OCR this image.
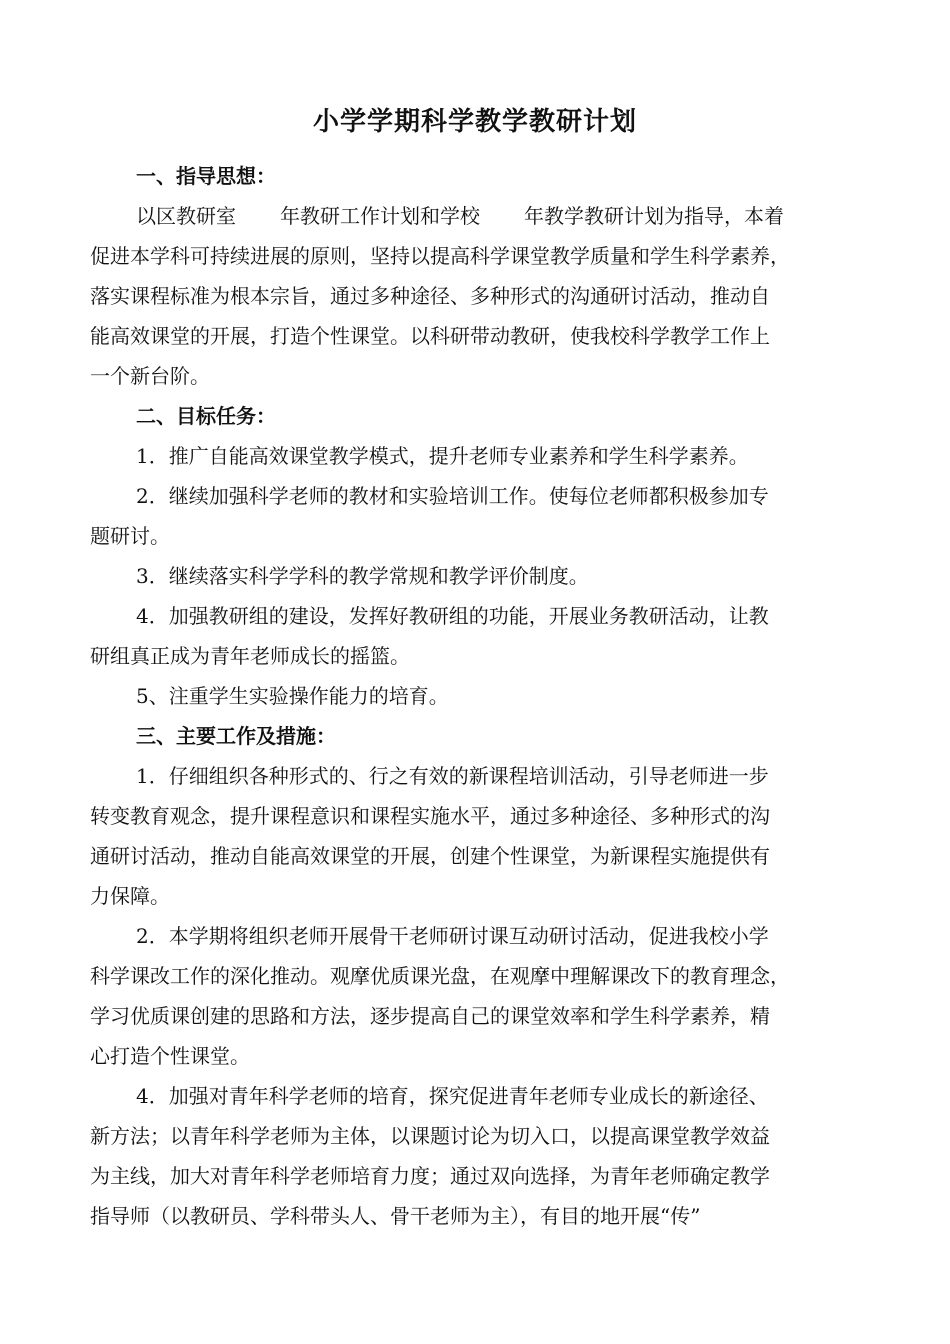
小学学期科学教学教研计划
一、指导思想：
以区教研室 年教研工作计划和学校 年教学教研计划为指导，本着
促进本学科可持续进展的原则，坚持以提高科学课堂教学质量和学生科学素养，
落实课程标准为根本宗旨，通过多种途径、多种形式的沟通研讨活动，推动自
能高效课堂的开展，打造个性课堂。以科研带动教研，使我校科学教学工作上
一个新台阶。
二、目标任务：
1．推广自能高效课堂教学模式，提升老师专业素养和学生科学素养。
2．继续加强科学老师的教材和实验培训工作。使每位老师都积极参加专
题研讨。
3．继续落实科学学科的教学常规和教学评价制度。
4．加强教研组的建设，发挥好教研组的功能，开展业务教研活动，让教
研组真正成为青年老师成长的摇篮。
5、注重学生实验操作能力的培育。
三、主要工作及措施：
1．仔细组织各种形式的、行之有效的新课程培训活动，引导老师进一步
转变教育观念，提升课程意识和课程实施水平，通过多种途径、多种形式的沟
通研讨活动，推动自能高效课堂的开展，创建个性课堂，为新课程实施提供有
力保障。
2．本学期将组织老师开展骨干老师研讨课互动研讨活动，促进我校小学
科学课改工作的深化推动。观摩优质课光盘，在观摩中理解课改下的教育理念，
学习优质课创建的思路和方法，逐步提高自己的课堂效率和学生科学素养，精
心打造个性课堂。
4．加强对青年科学老师的培育，探究促进青年老师专业成长的新途径、
新方法；以青年科学老师为主体，以课题讨论为切入口，以提高课堂教学效益
为主线，加大对青年科学老师培育力度；通过双向选择，为青年老师确定教学
指导师（以教研员、学科带头人、骨干老师为主），有目的地开展“传”
